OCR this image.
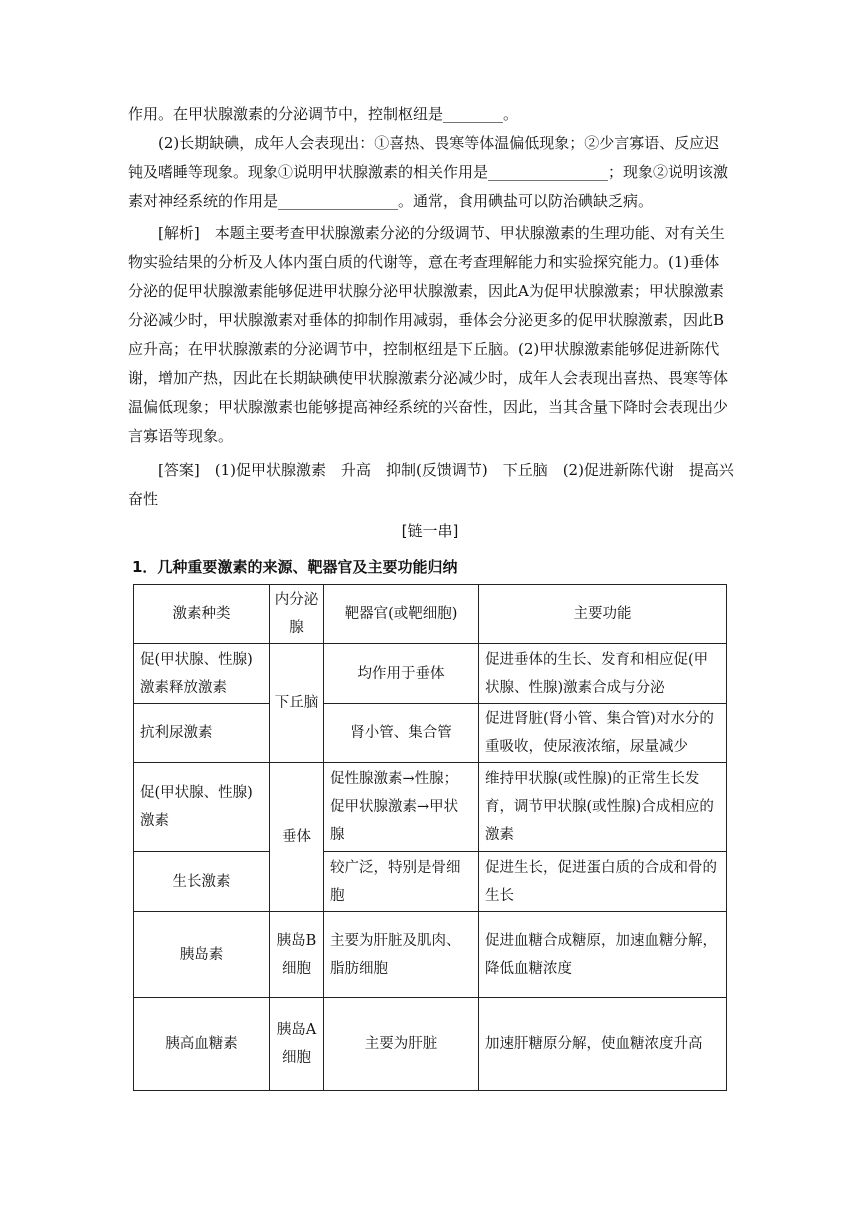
作用。在甲状腺激素的分泌调节中，控制枢纽是________。

(2)长期缺碘，成年人会表现出：①喜热、畏寒等体温偏低现象；②少言寡语、反应迟钝及嗜睡等现象。现象①说明甲状腺激素的相关作用是________________；现象②说明该激素对神经系统的作用是________________。通常，食用碘盐可以防治碘缺乏病。

[解析]　 本题主要考查甲状腺激素分泌的分级调节、甲状腺激素的生理功能、对有关生物实验结果的分析及人体内蛋白质的代谢等，意在考查理解能力和实验探究能力。(1)垂体分泌的促甲状腺激素能够促进甲状腺分泌甲状腺激素，因此A为促甲状腺激素；甲状腺激素分泌减少时，甲状腺激素对垂体的抑制作用减弱，垂体会分泌更多的促甲状腺激素，因此B应升高；在甲状腺激素的分泌调节中，控制枢纽是下丘脑。(2)甲状腺激素能够促进新陈代谢，增加产热，因此在长期缺碘使甲状腺激素分泌减少时，成年人会表现出喜热、畏寒等体温偏低现象；甲状腺激素也能够提高神经系统的兴奋性，因此，当其含量下降时会表现出少言寡语等现象。

[答案]　 (1)促甲状腺激素　升高　抑制(反馈调节)　下丘脑　(2)促进新陈代谢　提高兴奋性

[链一串]
1．几种重要激素的来源、靶器官及主要功能归纳
激素种类	内分泌腺	靶器官(或靶细胞)	主要功能
促(甲状腺、性腺)激素释放激素	下丘脑	均作用于垂体	促进垂体的生长、发育和相应促(甲状腺、性腺)激素合成与分泌
抗利尿激素		肾小管、集合管	促进肾脏(肾小管、集合管)对水分的重吸收，使尿液浓缩，尿量减少
促(甲状腺、性腺)激素	垂体	促性腺激素→性腺；促甲状腺激素→甲状腺	维持甲状腺(或性腺)的正常生长发育，调节甲状腺(或性腺)合成相应的激素
生长激素		较广泛，特别是骨细胞	促进生长，促进蛋白质的合成和骨的生长
胰岛素	胰岛B细胞	主要为肝脏及肌肉、脂肪细胞	促进血糖合成糖原，加速血糖分解，降低血糖浓度
胰高血糖素	胰岛A细胞	主要为肝脏	加速肝糖原分解，使血糖浓度升高
